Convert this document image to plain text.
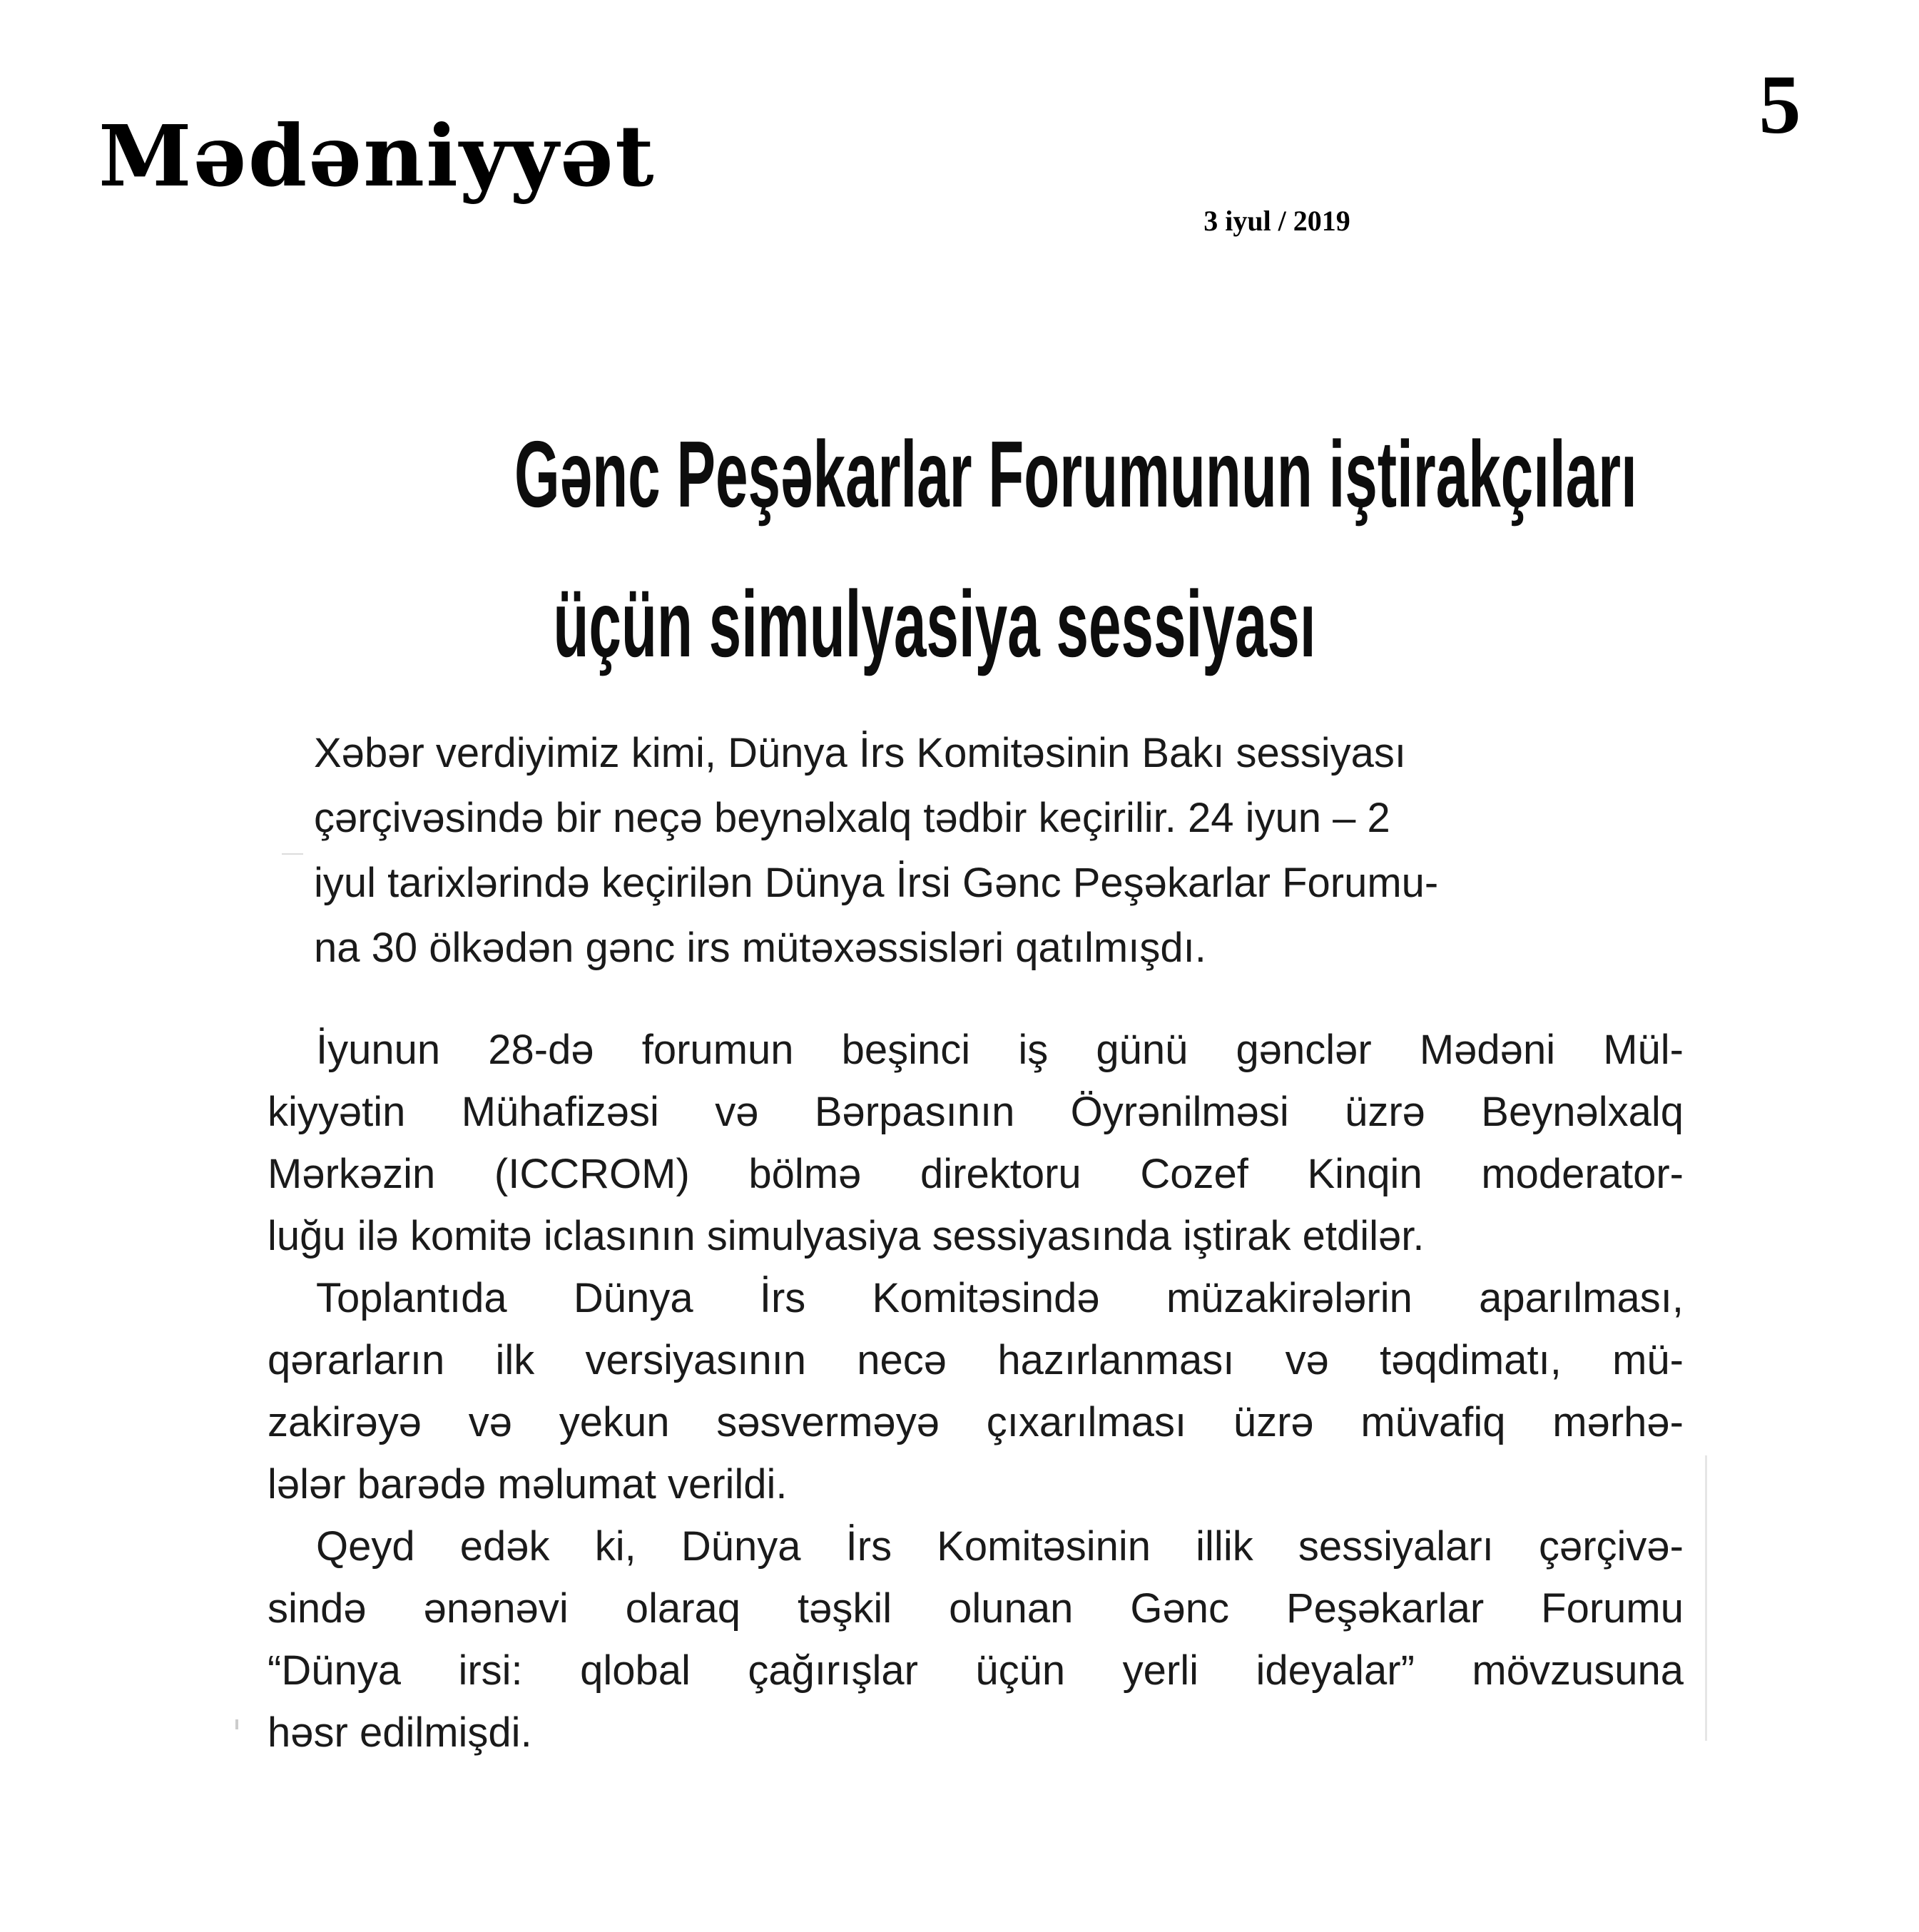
Mədəniyyət
5
3 iyul / 2019
Gənc Peşəkarlar Forumunun iştirakçıları
üçün simulyasiya sessiyası
Xəbər verdiyimiz kimi, Dünya İrs Komitəsinin Bakı sessiyası
çərçivəsində bir neçə beynəlxalq tədbir keçirilir. 24 iyun – 2
iyul tarixlərində keçirilən Dünya İrsi Gənc Peşəkarlar Forumu-
na 30 ölkədən gənc irs mütəxəssisləri qatılmışdı.
İyunun 28-də forumun beşinci iş günü gənclər Mədəni Mül-
kiyyətin Mühafizəsi və Bərpasının Öyrənilməsi üzrə Beynəlxalq
Mərkəzin (ICCROM) bölmə direktoru Cozef Kinqin moderator-
luğu ilə komitə iclasının simulyasiya sessiyasında iştirak etdilər.
Toplantıda Dünya İrs Komitəsində müzakirələrin aparılması,
qərarların ilk versiyasının necə hazırlanması və təqdimatı, mü-
zakirəyə və yekun səsverməyə çıxarılması üzrə müvafiq mərhə-
lələr barədə məlumat verildi.
Qeyd edək ki, Dünya İrs Komitəsinin illik sessiyaları çərçivə-
sində ənənəvi olaraq təşkil olunan Gənc Peşəkarlar Forumu
“Dünya irsi: qlobal çağırışlar üçün yerli ideyalar” mövzusuna
həsr edilmişdi.
